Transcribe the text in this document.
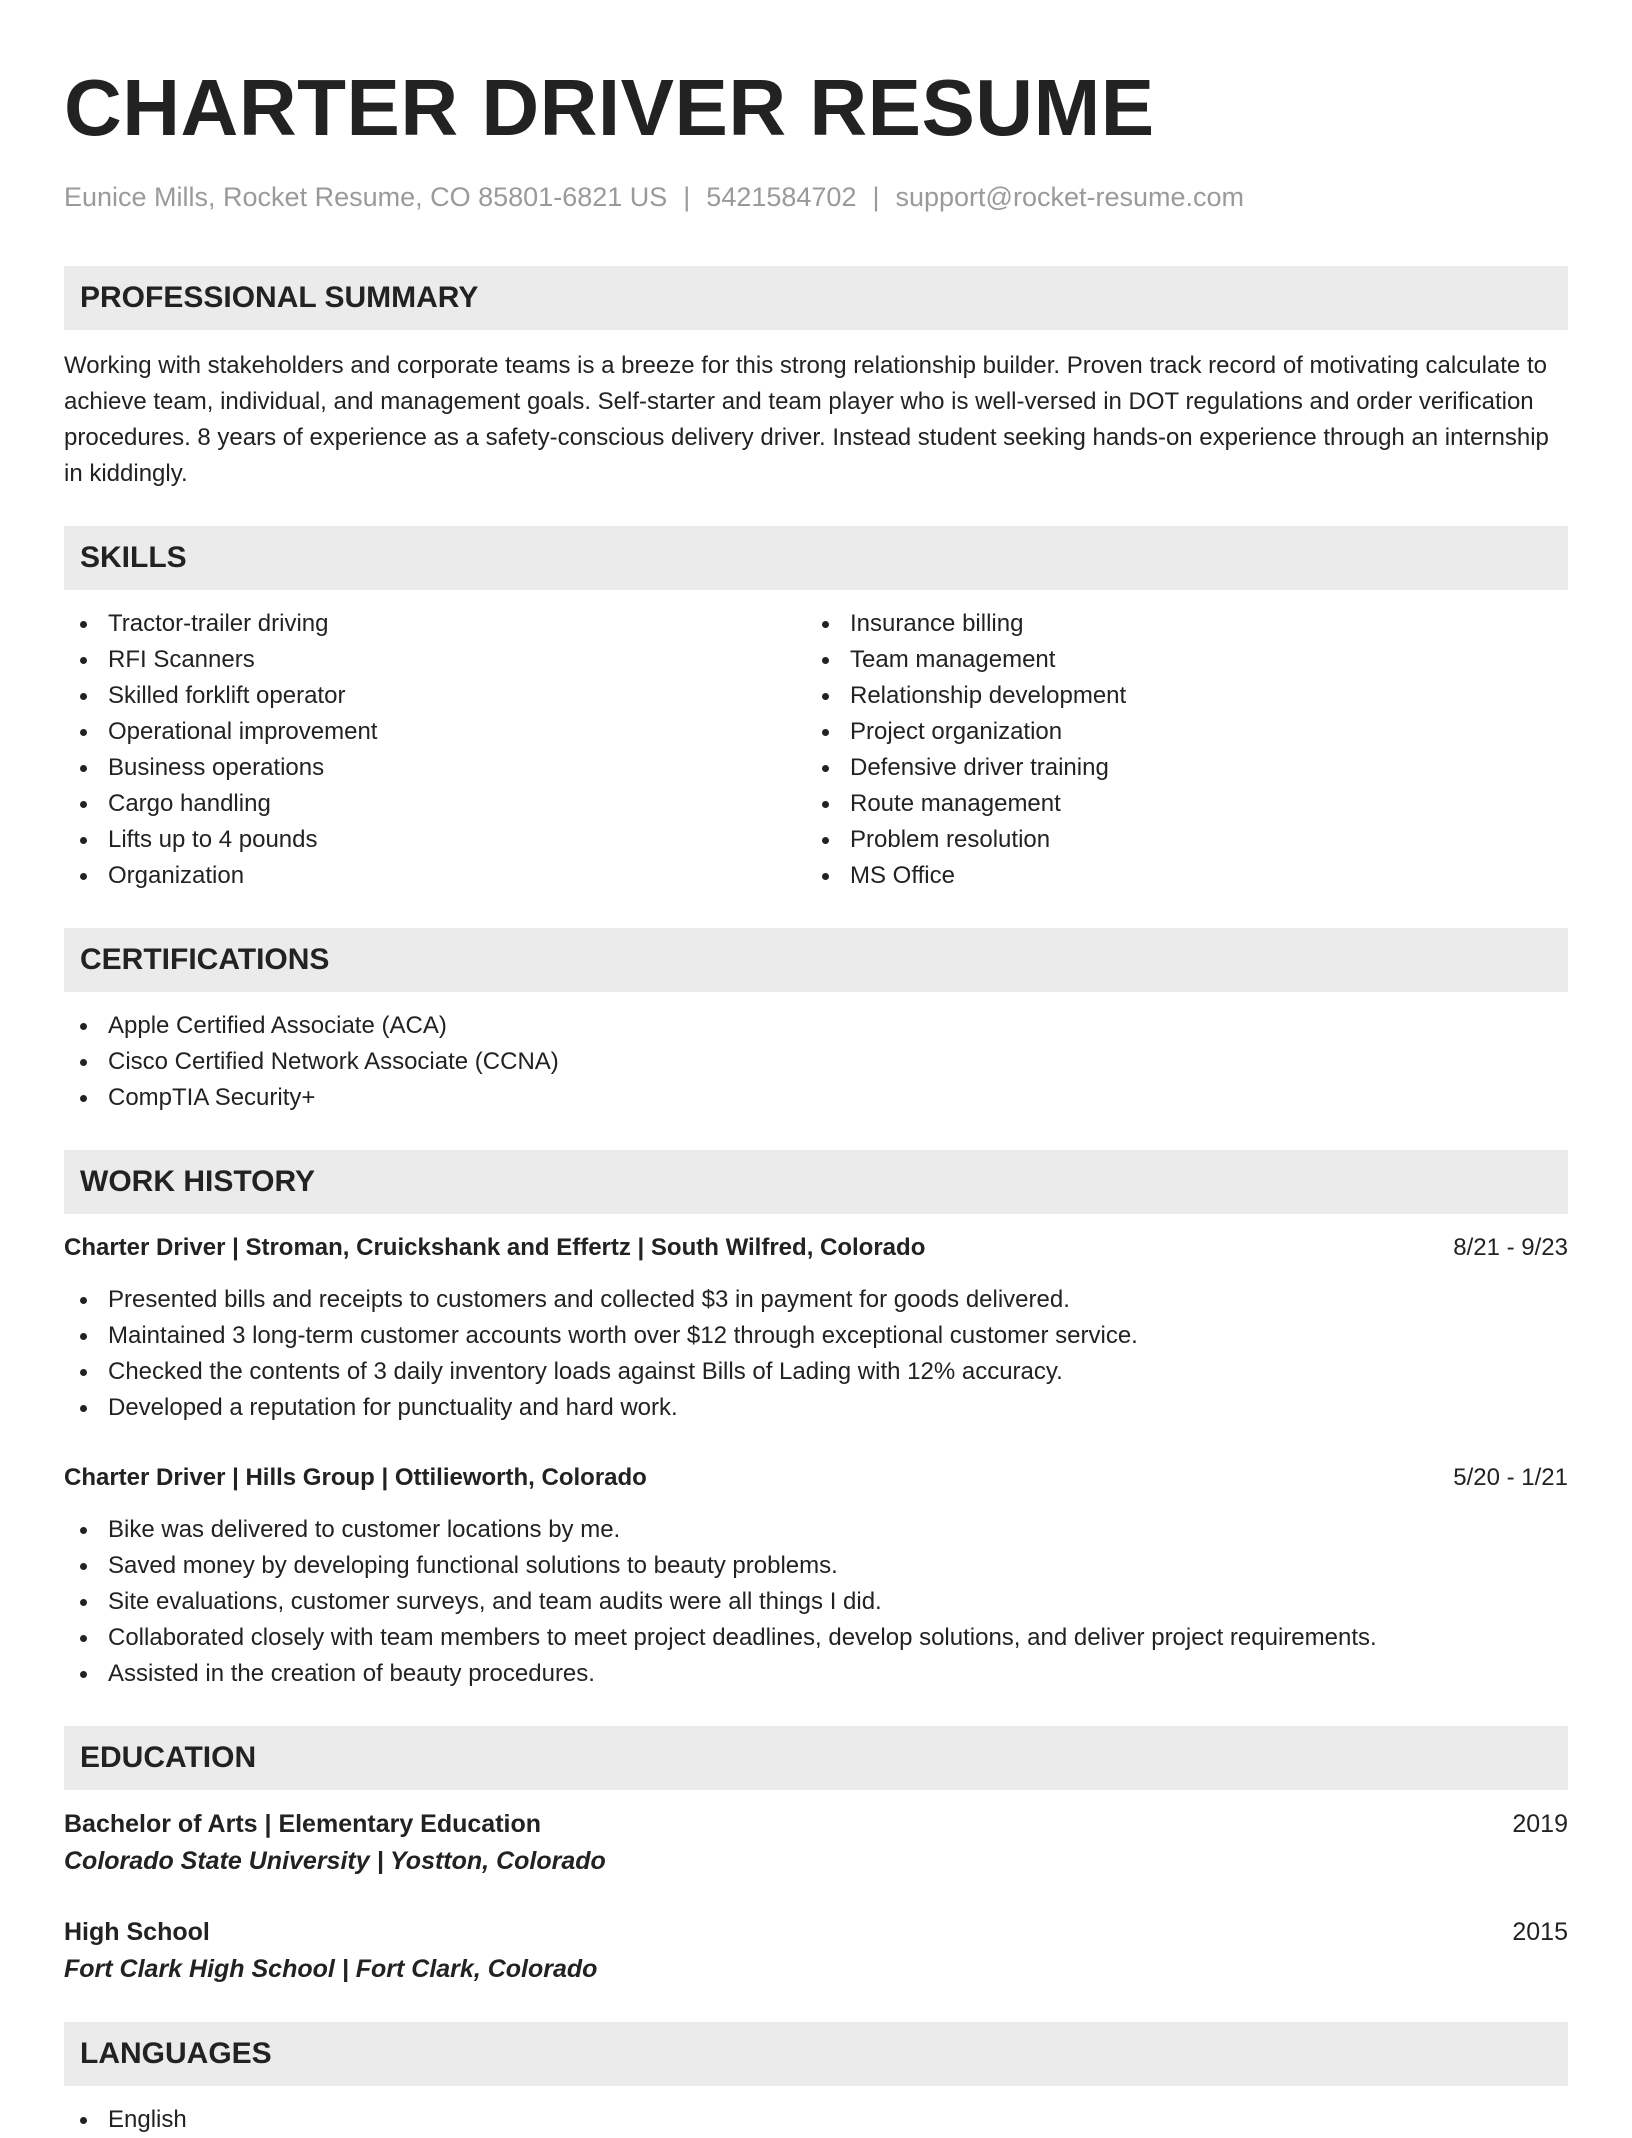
CHARTER DRIVER RESUME
Eunice Mills, Rocket Resume, CO 85801-6821 US | 5421584702 | support@rocket-resume.com
PROFESSIONAL SUMMARY

Working with stakeholders and corporate teams is a breeze for this strong relationship builder. Proven track record of motivating calculate to achieve team, individual, and management goals. Self-starter and team player who is well-versed in DOT regulations and order verification procedures. 8 years of experience as a safety-conscious delivery driver. Instead student seeking hands-on experience through an internship in kiddingly.

SKILLS
Tractor-trailer driving
RFI Scanners
Skilled forklift operator
Operational improvement
Business operations
Cargo handling
Lifts up to 4 pounds
Organization
Insurance billing
Team management
Relationship development
Project organization
Defensive driver training
Route management
Problem resolution
MS Office
CERTIFICATIONS
Apple Certified Associate (ACA)
Cisco Certified Network Associate (CCNA)
CompTIA Security+
WORK HISTORY
Charter Driver | Stroman, Cruickshank and Effertz | South Wilfred, Colorado	8/21 - 9/23
Presented bills and receipts to customers and collected $3 in payment for goods delivered.
Maintained 3 long-term customer accounts worth over $12 through exceptional customer service.
Checked the contents of 3 daily inventory loads against Bills of Lading with 12% accuracy.
Developed a reputation for punctuality and hard work.
Charter Driver | Hills Group | Ottilieworth, Colorado	5/20 - 1/21
Bike was delivered to customer locations by me.
Saved money by developing functional solutions to beauty problems.
Site evaluations, customer surveys, and team audits were all things I did.
Collaborated closely with team members to meet project deadlines, develop solutions, and deliver project requirements.
Assisted in the creation of beauty procedures.
EDUCATION
Bachelor of Arts | Elementary Education	2019
Colorado State University | Yostton, Colorado
High School	2015
Fort Clark High School | Fort Clark, Colorado
LANGUAGES
English
